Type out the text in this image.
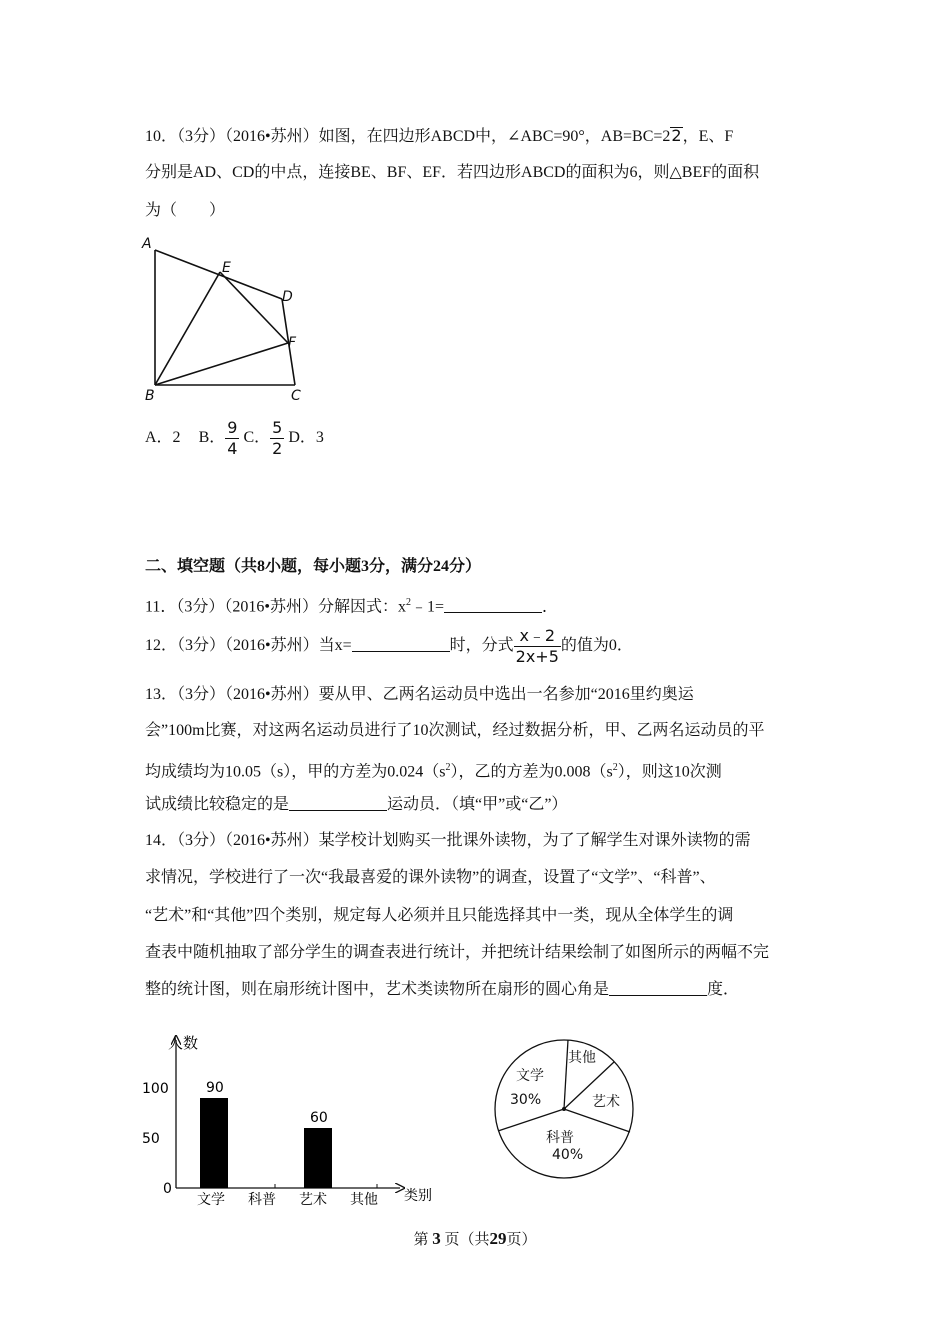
10．（3分）（2016•苏州）如图，在四边形ABCD中，∠ABC=90°，AB=BC=22，E、F
分别是AD、CD的中点，连接BE、BF、EF．若四边形ABCD的面积为6，则△BEF的面积
为（　　）
A
E
D
F
B	C
A．2 B． $\frac{9}{4}$ C． $\frac{5}{2}$ D．3
二、填空题（共8小题，每小题3分，满分24分）
11．（3分）（2016•苏州）分解因式：$x^2﹣1=$	．
12．（3分）（2016•苏州）当x=	时，分式 $\frac{x﹣2}{2x+5}$ 的值为0．
13．（3分）（2016•苏州）要从甲、乙两名运动员中选出一名参加“2016里约奥运
会”100m比赛，对这两名运动员进行了10次测试，经过数据分析，甲、乙两名运动员的平
均成绩均为10.05（s），甲的方差为$0.024(s^2)$，乙的方差为$0.008(s^2)$，则这10次测
试成绩比较稳定的是	运动员．（填“甲”或“乙”）
14．（3分）（2016•苏州）某学校计划购买一批课外读物，为了了解学生对课外读物的需
求情况，学校进行了一次“我最喜爱的课外读物”的调查，设置了“文学”、“科普”、
“艺术”和“其他”四个类别，规定每人必须并且只能选择其中一类，现从全体学生的调
查表中随机抽取了部分学生的调查表进行统计，并把统计结果绘制了如图所示的两幅不完
整的统计图，则在扇形统计图中，艺术类读物所在扇形的圆心角是	度．
人数
类别
0
50
100	90
文学 科普
60
艺术 其他
文学
30%
其他
艺术
科普
40%
第 3 页（共29页）
